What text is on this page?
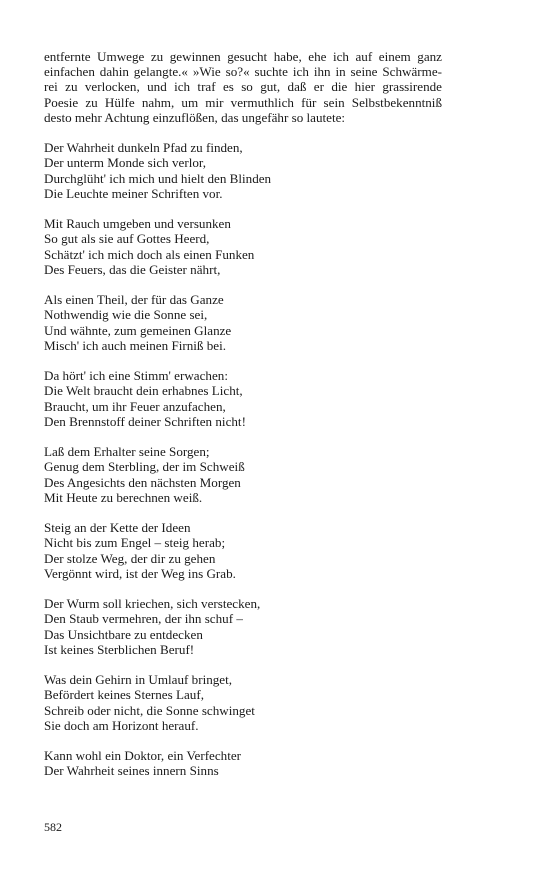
entfernte Umwege zu gewinnen gesucht habe, ehe ich auf einem ganz
einfachen dahin gelangte.« »Wie so?« suchte ich ihn in seine Schwärme-
rei zu verlocken, und ich traf es so gut, daß er die hier grassirende
Poesie zu Hülfe nahm, um mir vermuthlich für sein Selbstbekenntniß
desto mehr Achtung einzuflößen, das ungefähr so lautete:

Der Wahrheit dunkeln Pfad zu finden,
Der unterm Monde sich verlor,
Durchglüht' ich mich und hielt den Blinden
Die Leuchte meiner Schriften vor.
Mit Rauch umgeben und versunken
So gut als sie auf Gottes Heerd,
Schätzt' ich mich doch als einen Funken
Des Feuers, das die Geister nährt,
Als einen Theil, der für das Ganze
Nothwendig wie die Sonne sei,
Und wähnte, zum gemeinen Glanze
Misch' ich auch meinen Firniß bei.
Da hört' ich eine Stimm' erwachen:
Die Welt braucht dein erhabnes Licht,
Braucht, um ihr Feuer anzufachen,
Den Brennstoff deiner Schriften nicht!
Laß dem Erhalter seine Sorgen;
Genug dem Sterbling, der im Schweiß
Des Angesichts den nächsten Morgen
Mit Heute zu berechnen weiß.
Steig an der Kette der Ideen
Nicht bis zum Engel – steig herab;
Der stolze Weg, der dir zu gehen
Vergönnt wird, ist der Weg ins Grab.
Der Wurm soll kriechen, sich verstecken,
Den Staub vermehren, der ihn schuf –
Das Unsichtbare zu entdecken
Ist keines Sterblichen Beruf!
Was dein Gehirn in Umlauf bringet,
Befördert keines Sternes Lauf,
Schreib oder nicht, die Sonne schwinget
Sie doch am Horizont herauf.
Kann wohl ein Doktor, ein Verfechter
Der Wahrheit seines innern Sinns
582
